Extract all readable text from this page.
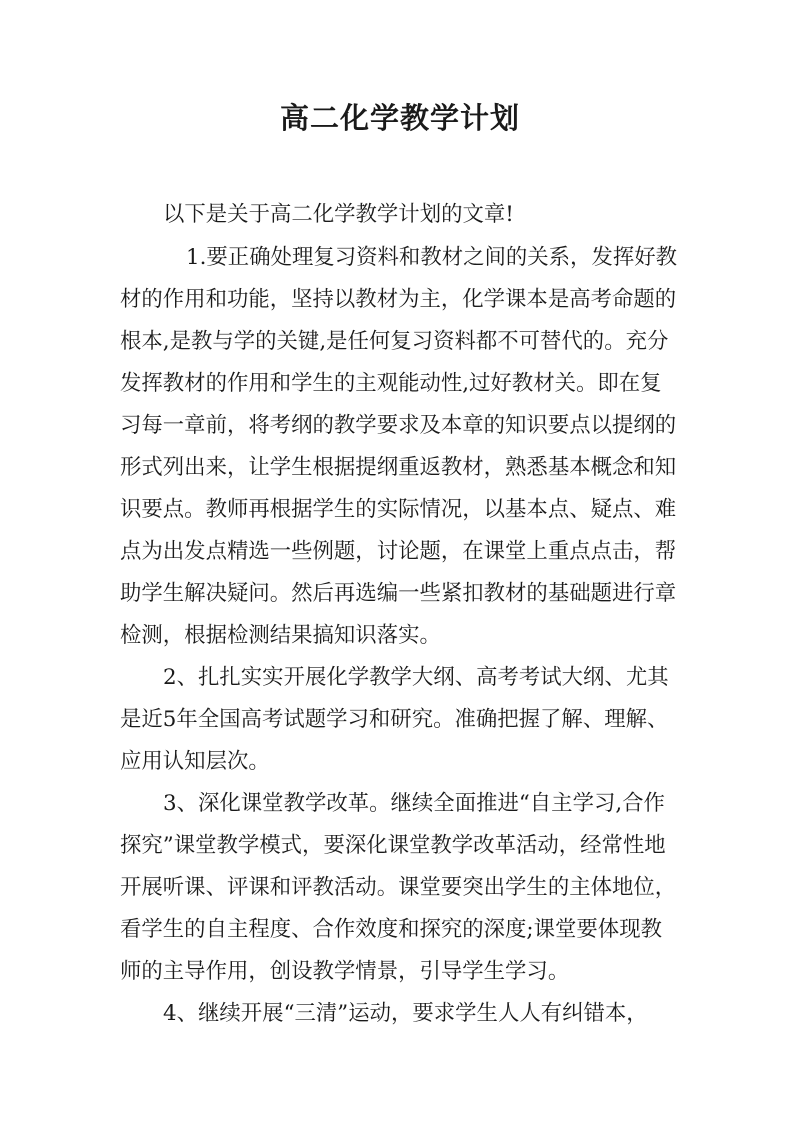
高二化学教学计划

以下是关于高二化学教学计划的文章!

1.要正确处理复习资料和教材之间的关系，发挥好教

材的作用和功能，坚持以教材为主，化学课本是高考命题的

根本,是教与学的关键,是任何复习资料都不可替代的。充分

发挥教材的作用和学生的主观能动性,过好教材关。即在复

习每一章前，将考纲的教学要求及本章的知识要点以提纲的

形式列出来，让学生根据提纲重返教材，熟悉基本概念和知

识要点。教师再根据学生的实际情况，以基本点、疑点、难

点为出发点精选一些例题，讨论题，在课堂上重点点击，帮

助学生解决疑问。然后再选编一些紧扣教材的基础题进行章

检测，根据检测结果搞知识落实。

2、扎扎实实开展化学教学大纲、高考考试大纲、尤其

是近5年全国高考试题学习和研究。准确把握了解、理解、

应用认知层次。

3、深化课堂教学改革。继续全面推进“自主学习,合作

探究”课堂教学模式，要深化课堂教学改革活动，经常性地

开展听课、评课和评教活动。课堂要突出学生的主体地位，

看学生的自主程度、合作效度和探究的深度;课堂要体现教

师的主导作用，创设教学情景，引导学生学习。

4、继续开展“三清”运动，要求学生人人有纠错本，
